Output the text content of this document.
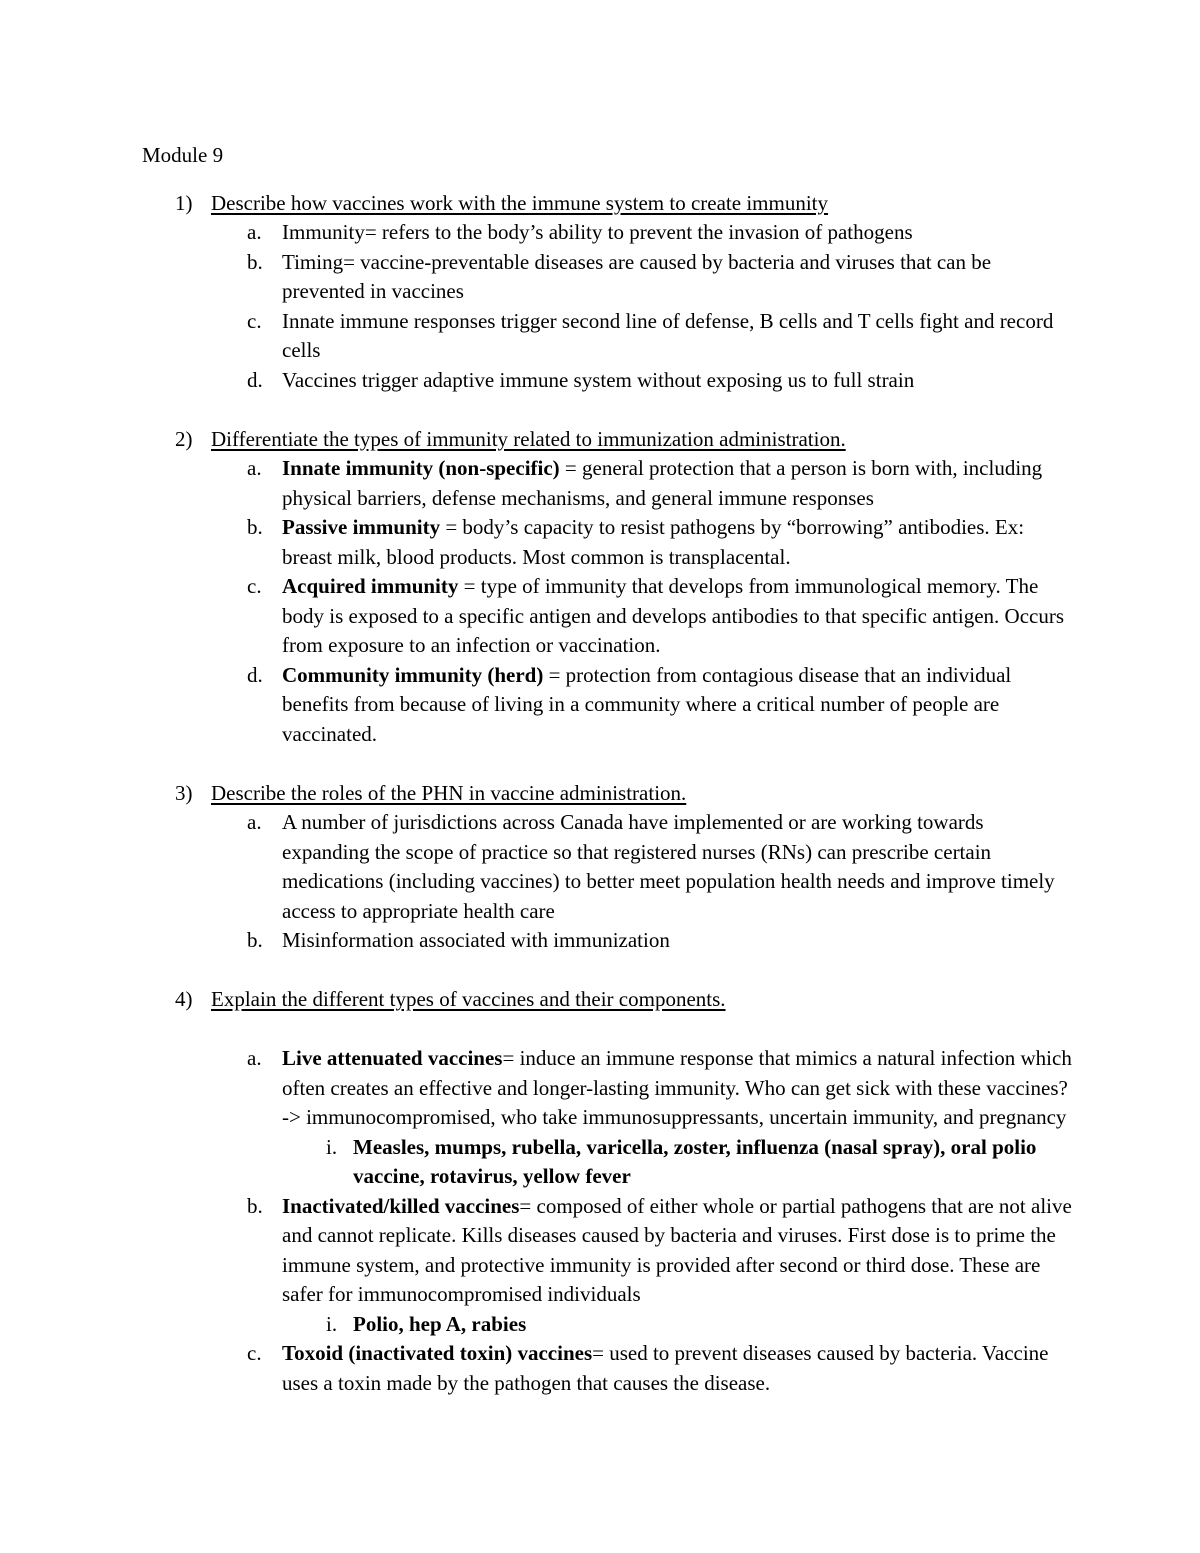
Module 9
1) Describe how vaccines work with the immune system to create immunity
a. Immunity= refers to the body’s ability to prevent the invasion of pathogens
b. Timing= vaccine-preventable diseases are caused by bacteria and viruses that can be prevented in vaccines
c. Innate immune responses trigger second line of defense, B cells and T cells fight and record cells
d. Vaccines trigger adaptive immune system without exposing us to full strain
2) Differentiate the types of immunity related to immunization administration.
a. Innate immunity (non-specific) = general protection that a person is born with, including physical barriers, defense mechanisms, and general immune responses
b. Passive immunity = body’s capacity to resist pathogens by “borrowing” antibodies. Ex: breast milk, blood products. Most common is transplacental.
c. Acquired immunity = type of immunity that develops from immunological memory. The body is exposed to a specific antigen and develops antibodies to that specific antigen. Occurs from exposure to an infection or vaccination.
d. Community immunity (herd) = protection from contagious disease that an individual benefits from because of living in a community where a critical number of people are vaccinated.
3) Describe the roles of the PHN in vaccine administration.
a. A number of jurisdictions across Canada have implemented or are working towards expanding the scope of practice so that registered nurses (RNs) can prescribe certain medications (including vaccines) to better meet population health needs and improve timely access to appropriate health care
b. Misinformation associated with immunization
4) Explain the different types of vaccines and their components.
a. Live attenuated vaccines= induce an immune response that mimics a natural infection which often creates an effective and longer-lasting immunity. Who can get sick with these vaccines? -> immunocompromised, who take immunosuppressants, uncertain immunity, and pregnancy
i. Measles, mumps, rubella, varicella, zoster, influenza (nasal spray), oral polio vaccine, rotavirus, yellow fever
b. Inactivated/killed vaccines= composed of either whole or partial pathogens that are not alive and cannot replicate. Kills diseases caused by bacteria and viruses. First dose is to prime the immune system, and protective immunity is provided after second or third dose. These are safer for immunocompromised individuals
i. Polio, hep A, rabies
c. Toxoid (inactivated toxin) vaccines= used to prevent diseases caused by bacteria. Vaccine uses a toxin made by the pathogen that causes the disease.
